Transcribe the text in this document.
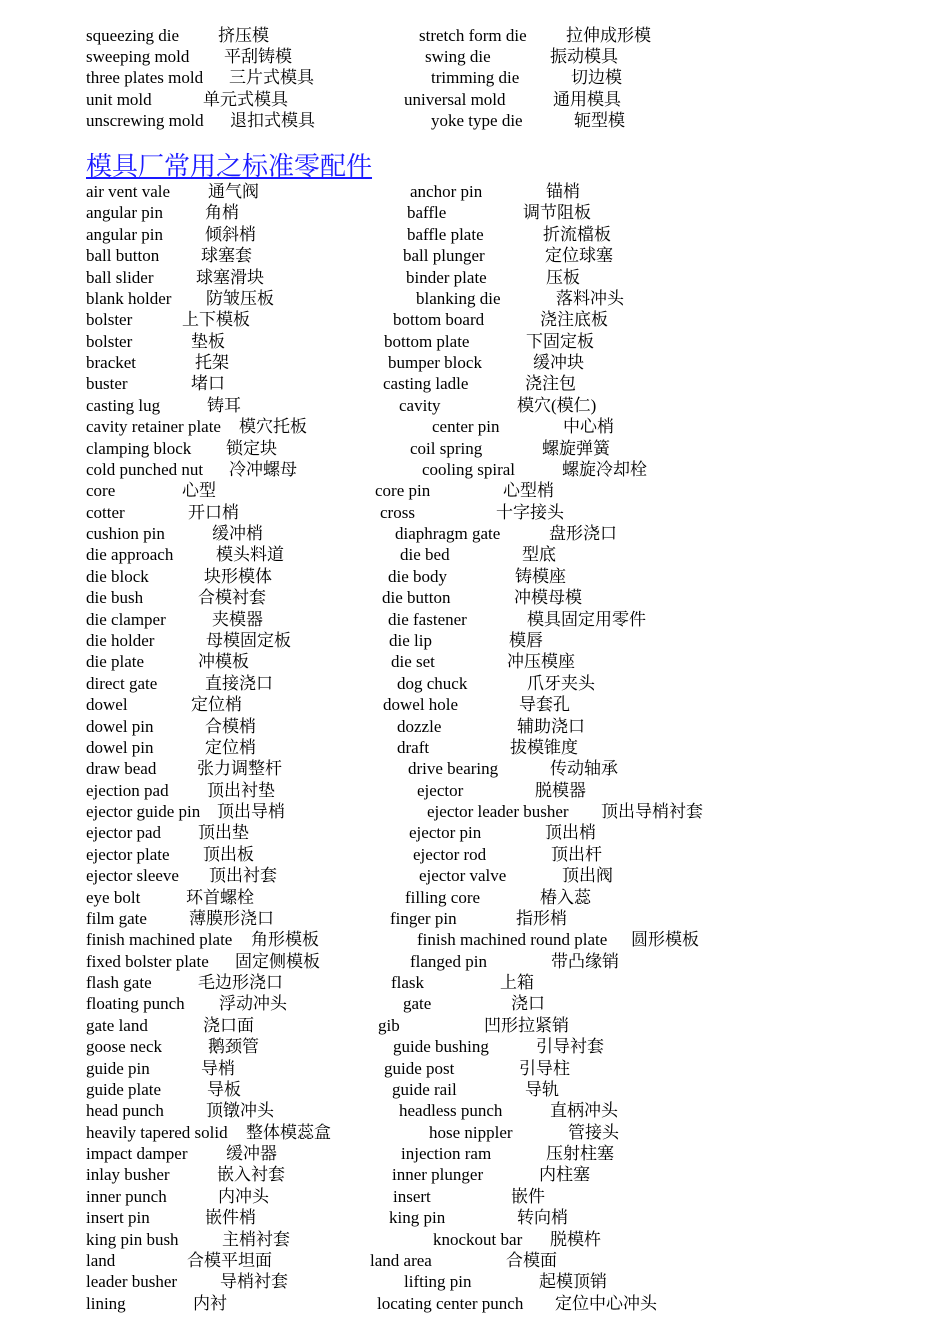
squeezing die 挤压模	stretch form die 拉伸成形模
sweeping mold 平刮铸模	swing die	振动模具
three plates mold 三片式模具	trimming die	切边模
unit mold	单元式模具	universal mold	通用模具
unscrewing mold 退扣式模具	yoke type die	轭型模
模具厂常用之标准零配件
air vent vale 通气阀	anchor pin	锚梢
angular pin 角梢	baffle	调节阻板
angular pin 倾斜梢	baffle plate	折流檔板
ball button 球塞套	ball plunger	定位球塞
ball slider 球塞滑块	binder plate	压板
blank holder 防皱压板	blanking die	落料冲头
bolster	上下模板	bottom board	浇注底板
bolster	垫板	bottom plate	下固定板
bracket	托架	bumper block	缓冲块
buster	堵口	casting ladle	浇注包
casting lug	铸耳	cavity	模穴(模仁)
cavity retainer plate 模穴托板	center pin	中心梢
clamping block 锁定块	coil spring	螺旋弹簧
cold punched nut 冷冲螺母	cooling spiral	螺旋冷却栓
core	心型	core pin	心型梢
cotter	开口梢	cross	十字接头
cushion pin	缓冲梢	diaphragm gate	盘形浇口
die approach	模头料道	die bed	型底
die block	块形模体	die body	铸模座
die bush	合模衬套	die button	冲模母模
die clamper	夹模器	die fastener	模具固定用零件
die holder	母模固定板	die lip	模唇
die plate	冲模板	die set	冲压模座
direct gate	直接浇口	dog chuck	爪牙夹头
dowel	定位梢	dowel hole	导套孔
dowel pin	合模梢	dozzle	辅助浇口
dowel pin	定位梢	draft	拔模锥度
draw bead 张力调整杆	drive bearing	传动轴承
ejection pad 顶出衬垫	ejector	脱模器
ejector guide pin 顶出导梢	ejector leader busher 顶出导梢衬套
ejector pad 顶出垫	ejector pin	顶出梢
ejector plate 顶出板	ejector rod	顶出杆
ejector sleeve 顶出衬套	ejector valve	顶出阀
eye bolt	环首螺栓	filling core	椿入蕊
film gate 薄膜形浇口	finger pin	指形梢
finish machined plate 角形模板	finish machined round plate 圆形模板
fixed bolster plate 固定侧模板	flanged pin	带凸缘销
flash gate	毛边形浇口	flask	上箱
floating punch 浮动冲头	gate	浇口
gate land	浇口面	gib	凹形拉紧销
goose neck	鹅颈管	guide bushing	引导衬套
guide pin	导梢	guide post	引导柱
guide plate	导板	guide rail	导轨
head punch 顶镦冲头	headless punch	直柄冲头
heavily tapered solid 整体模蕊盒	hose nippler	管接头
impact damper 缓冲器	injection ram	压射柱塞
inlay busher	嵌入衬套	inner plunger	内柱塞
inner punch	内冲头	insert	嵌件
insert pin	嵌件梢	king pin	转向梢
king pin bush	主梢衬套	knockout bar 脱模杵
land	合模平坦面	land area	合模面
leader busher	导梢衬套	lifting pin	起模顶销
lining	内衬	locating center punch 定位中心冲头
